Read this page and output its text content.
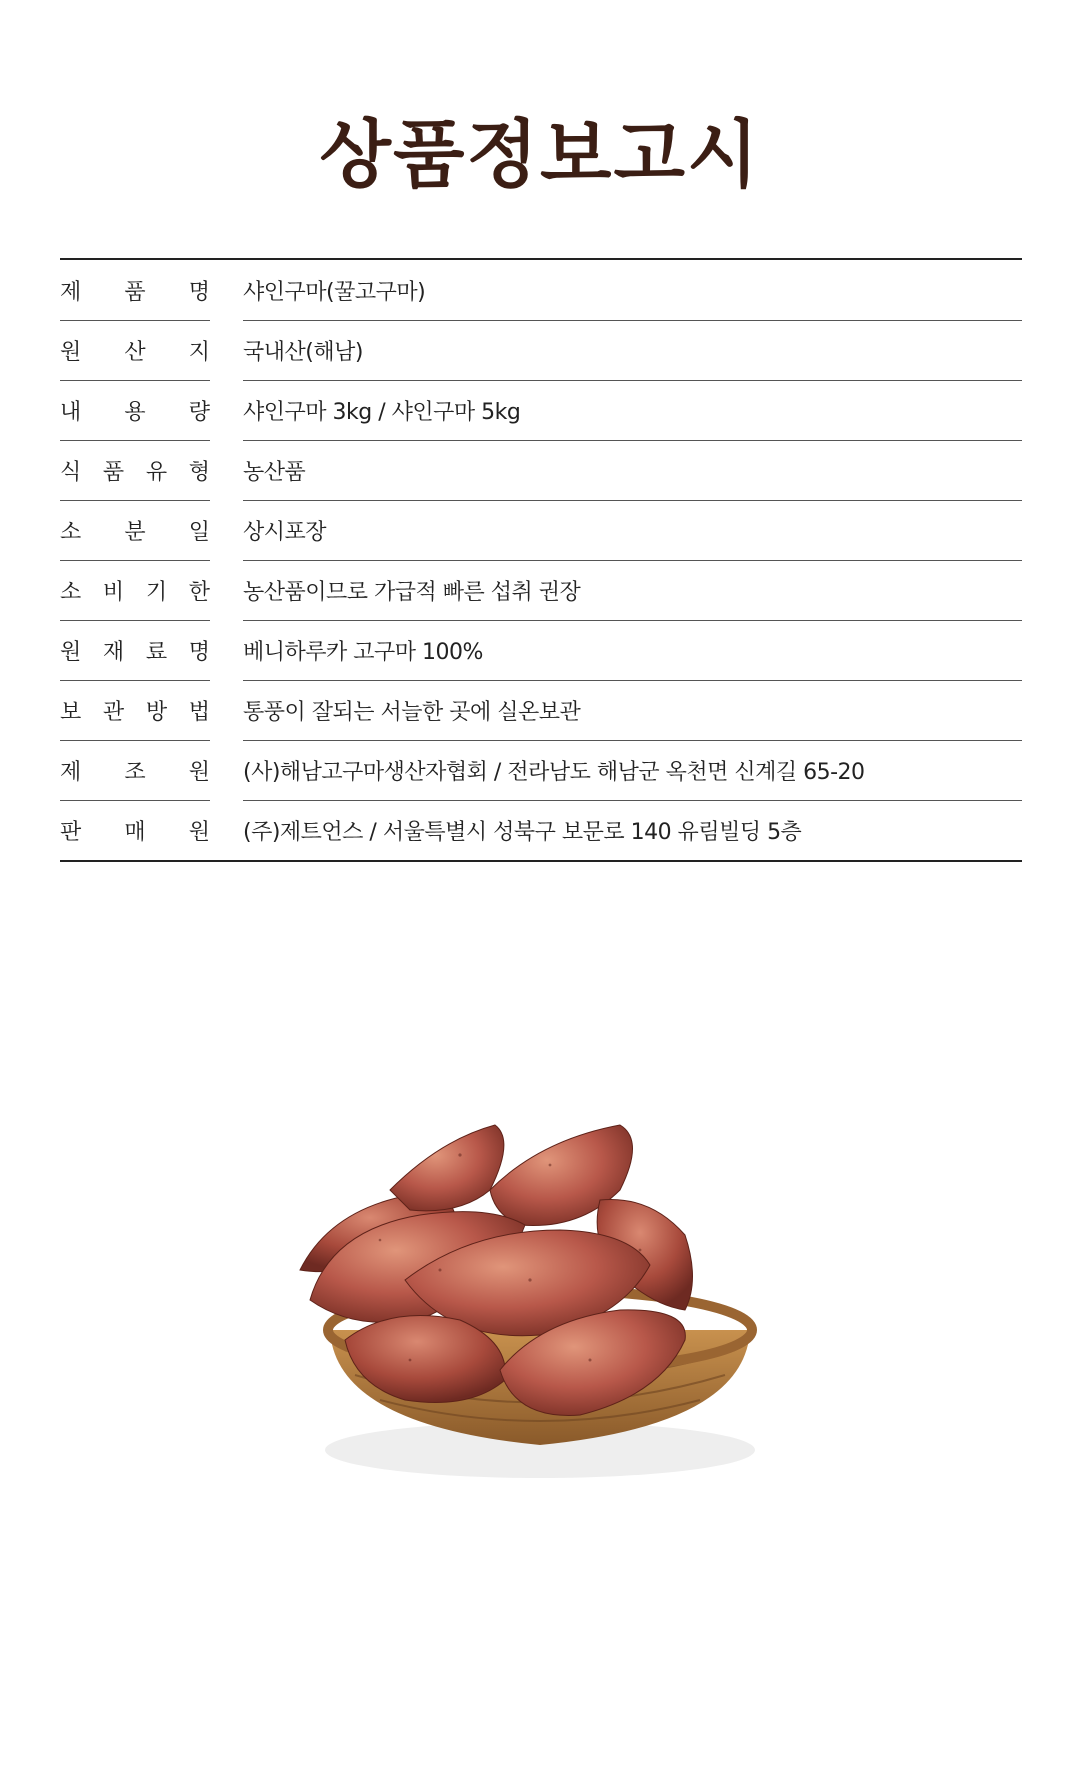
상품정보고시
제 품 명 샤인구마(꿀고구마)
원 산 지 국내산(해남)
내 용 량 샤인구마 3kg / 샤인구마 5kg
식 품 유 형 농산품
소 분 일 상시포장
소 비 기 한 농산품이므로 가급적 빠른 섭취 권장
원 재 료 명 베니하루카 고구마 100%
보 관 방 법 통풍이 잘되는 서늘한 곳에 실온보관
제 조 원 (사)해남고구마생산자협회 / 전라남도 해남군 옥천면 신계길 65-20
판 매 원 (주)제트언스 / 서울특별시 성북구 보문로 140 유림빌딩 5층
